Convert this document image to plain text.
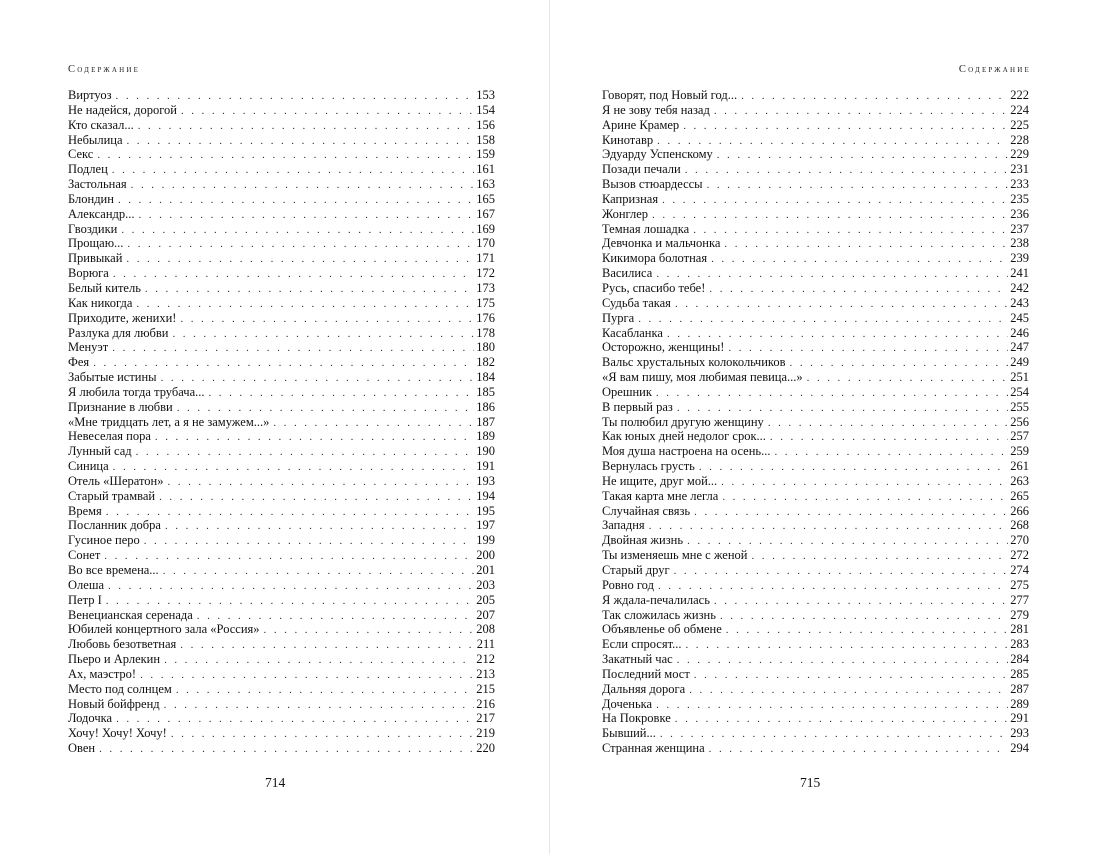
Содержание
Виртуоз . . .	153
Не надейся, дорогой . . .	154
Кто сказал... . . .	156
Небылица . . .	158
Секс . . .	159
Подлец . . .	161
Застольная . . .	163
Блондин . . .	165
Александр... . . .	167
Гвоздики . . .	169
Прощаю... . . .	170
Привыкай . . .	171
Ворюга . . .	172
Белый китель . . .	173
Как никогда . . .	175
Приходите, женихи! . . .	176
Разлука для любви . . .	178
Менуэт . . .	180
Фея . . .	182
Забытые истины . . .	184
Я любила тогда трубача... . . .	185
Признание в любви . . .	186
«Мне тридцать лет, а я не замужем...» . . .	187
Невеселая пора . . .	189
Лунный сад . . .	190
Синица . . .	191
Отель «Шератон» . . .	193
Старый трамвай . . .	194
Время . . .	195
Посланник добра . . .	197
Гусиное перо . . .	199
Сонет . . .	200
Во все времена... . . .	201
Олеша . . .	203
Петр I . . .	205
Венецианская серенада . . .	207
Юбилей концертного зала «Россия» . . .	208
Любовь безответная . . .	211
Пьеро и Арлекин . . .	212
Ах, маэстро! . . .	213
Место под солнцем . . .	215
Новый бойфренд . . .	216
Лодочка . . .	217
Хочу! Хочу! Хочу! . . .	219
Овен . . .	220
714
Содержание
Говорят, под Новый год... . . .	222
Я не зову тебя назад . . .	224
Арине Крамер . . .	225
Кинотавр . . .	228
Эдуарду Успенскому . . .	229
Позади печали . . .	231
Вызов стюардессы . . .	233
Капризная . . .	235
Жонглер . . .	236
Темная лошадка . . .	237
Девчонка и мальчонка . . .	238
Кикимора болотная . . .	239
Василиса . . .	241
Русь, спасибо тебе! . . .	242
Судьба такая . . .	243
Пурга . . .	245
Касабланка . . .	246
Осторожно, женщины! . . .	247
Вальс хрустальных колокольчиков . . .	249
«Я вам пишу, моя любимая певица...» . . .	251
Орешник . . .	254
В первый раз . . .	255
Ты полюбил другую женщину . . .	256
Как юных дней недолог срок... . . .	257
Моя душа настроена на осень... . . .	259
Вернулась грусть . . .	261
Не ищите, друг мой... . . .	263
Такая карта мне легла . . .	265
Случайная связь . . .	266
Западня . . .	268
Двойная жизнь . . .	270
Ты изменяешь мне с женой . . .	272
Старый друг . . .	274
Ровно год . . .	275
Я ждала-печалилась . . .	277
Так сложилась жизнь . . .	279
Объявленье об обмене . . .	281
Если спросят... . . .	283
Закатный час . . .	284
Последний мост . . .	285
Дальняя дорога . . .	287
Доченька . . .	289
На Покровке . . .	291
Бывший... . . .	293
Странная женщина . . .	294
715
